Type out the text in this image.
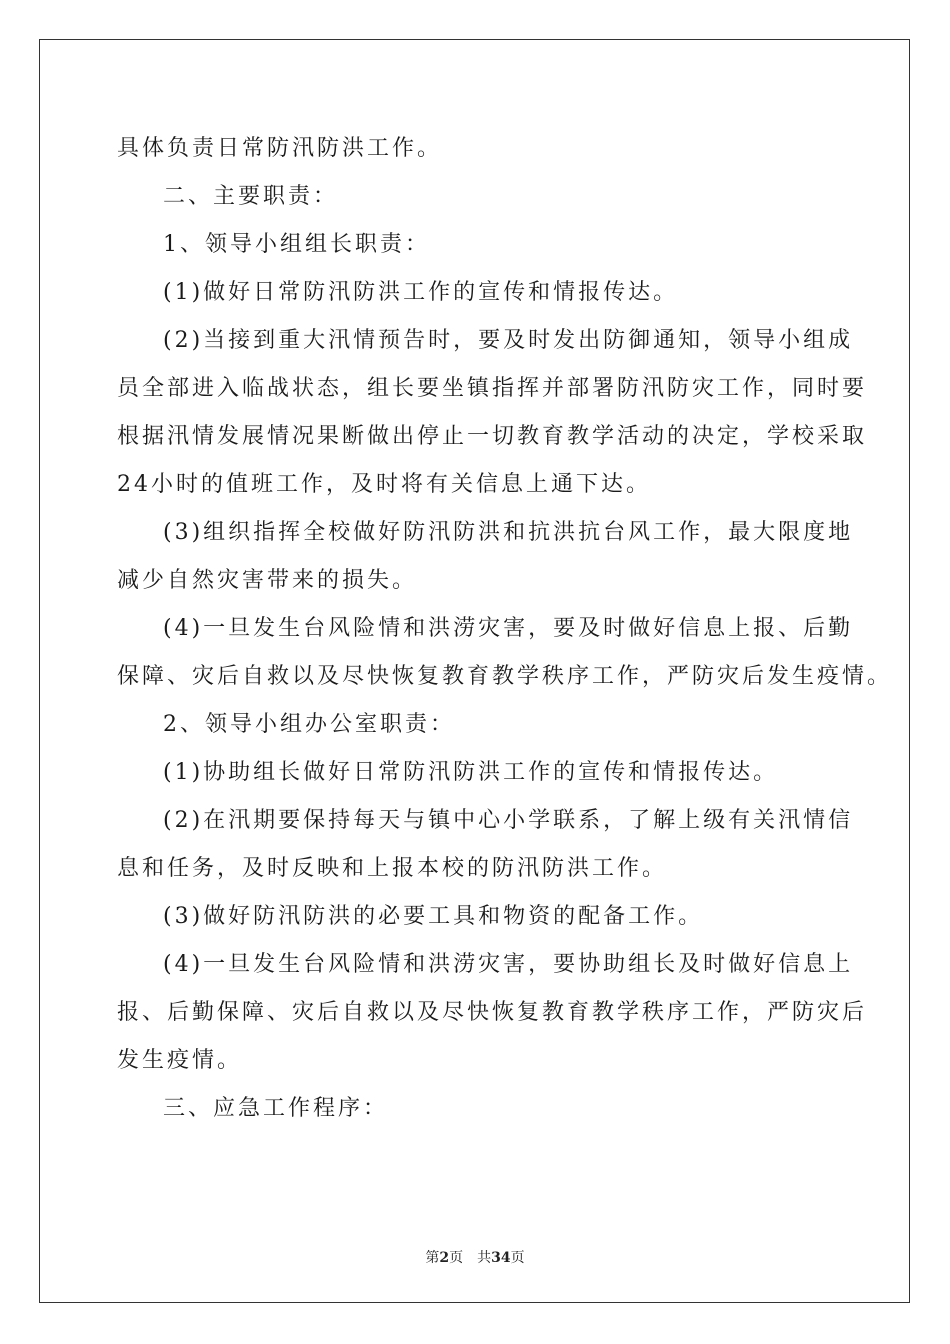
具体负责日常防汛防洪工作。
二、主要职责：
1、领导小组组长职责：
(1)做好日常防汛防洪工作的宣传和情报传达。
(2)当接到重大汛情预告时，要及时发出防御通知，领导小组成
员全部进入临战状态，组长要坐镇指挥并部署防汛防灾工作，同时要
根据汛情发展情况果断做出停止一切教育教学活动的决定，学校采取
24小时的值班工作，及时将有关信息上通下达。
(3)组织指挥全校做好防汛防洪和抗洪抗台风工作，最大限度地
减少自然灾害带来的损失。
(4)一旦发生台风险情和洪涝灾害，要及时做好信息上报、后勤
保障、灾后自救以及尽快恢复教育教学秩序工作，严防灾后发生疫情。
2、领导小组办公室职责：
(1)协助组长做好日常防汛防洪工作的宣传和情报传达。
(2)在汛期要保持每天与镇中心小学联系，了解上级有关汛情信
息和任务，及时反映和上报本校的防汛防洪工作。
(3)做好防汛防洪的必要工具和物资的配备工作。
(4)一旦发生台风险情和洪涝灾害，要协助组长及时做好信息上
报、后勤保障、灾后自救以及尽快恢复教育教学秩序工作，严防灾后
发生疫情。
三、应急工作程序：
第2页 共34页
